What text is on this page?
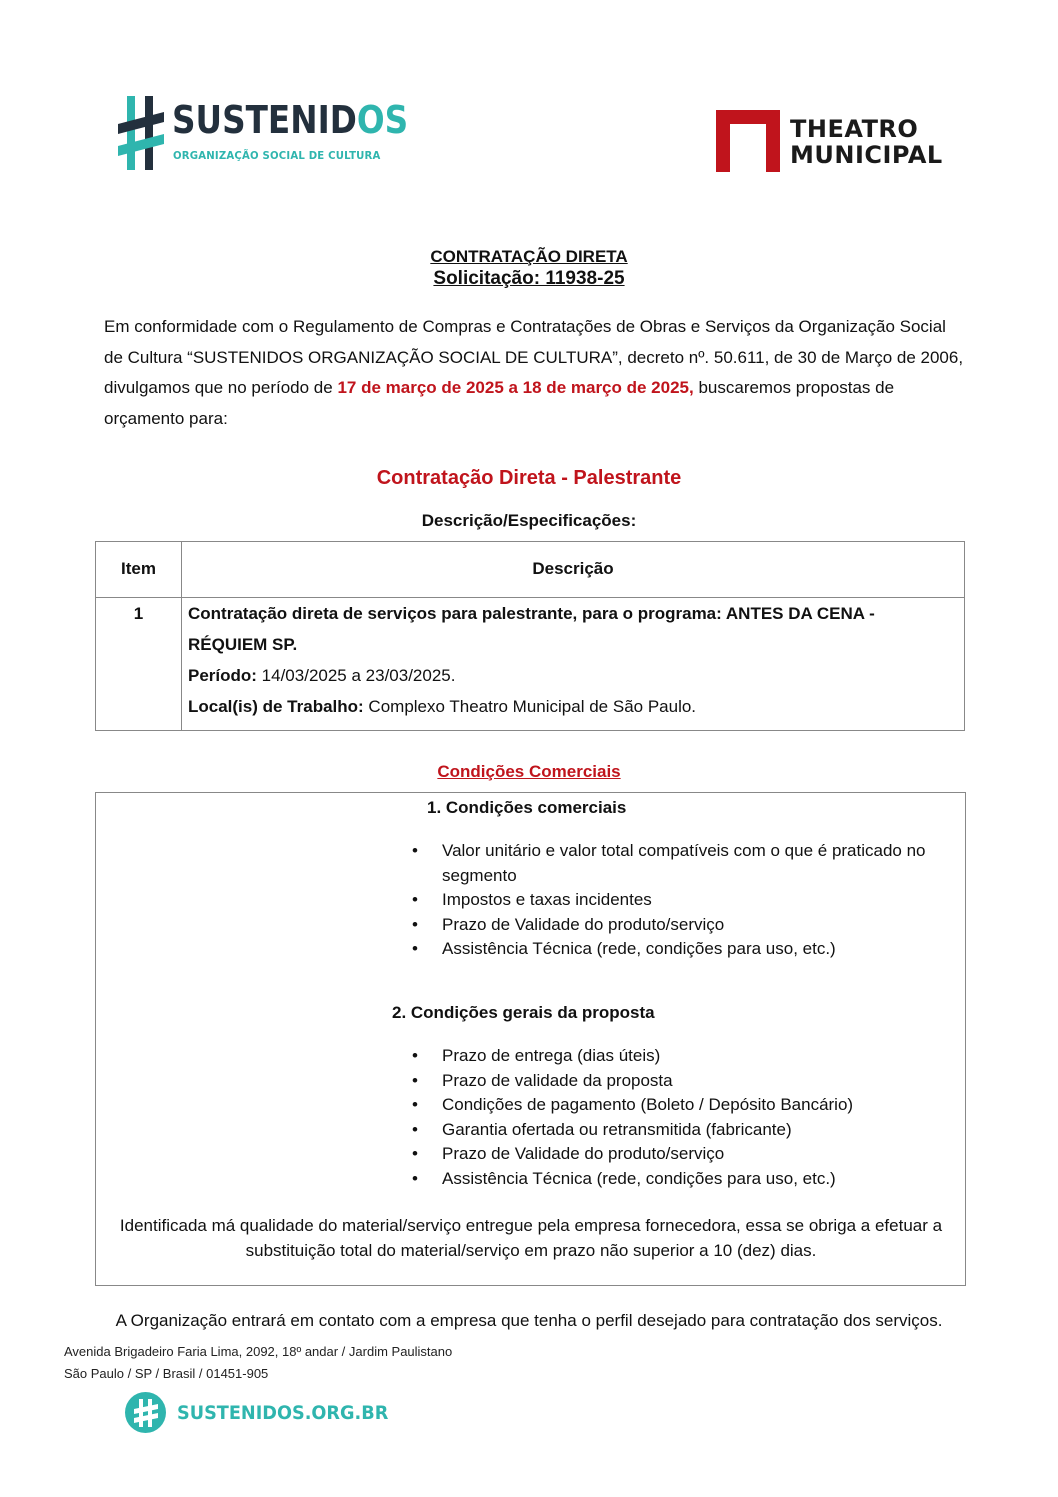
SUSTENIDOS
ORGANIZAÇÃO SOCIAL DE CULTURA
THEATRO
MUNICIPAL
CONTRATAÇÃO DIRETA
Solicitação: 11938-25

Em conformidade com o Regulamento de Compras e Contratações de Obras e Serviços da Organização Social de Cultura “SUSTENIDOS ORGANIZAÇÃO SOCIAL DE CULTURA”, decreto nº. 50.611, de 30 de Março de 2006, divulgamos que no período de 17 de março de 2025 a 18 de março de 2025, buscaremos propostas de orçamento para:

Contratação Direta - Palestrante
Descrição/Especificações:
Item	Descrição
1	Contratação direta de serviços para palestrante, para o programa: ANTES DA CENA - RÉQUIEM SP.
Período: 14/03/2025 a 23/03/2025.
Local(is) de Trabalho: Complexo Theatro Municipal de São Paulo.
Condições Comerciais
1. Condições comerciais
• Valor unitário e valor total compatíveis com o que é praticado no segmento
• Impostos e taxas incidentes
• Prazo de Validade do produto/serviço
• Assistência Técnica (rede, condições para uso, etc.)
2. Condições gerais da proposta
• Prazo de entrega (dias úteis)
• Prazo de validade da proposta
• Condições de pagamento (Boleto / Depósito Bancário)
• Garantia ofertada ou retransmitida (fabricante)
• Prazo de Validade do produto/serviço
• Assistência Técnica (rede, condições para uso, etc.)
Identificada má qualidade do material/serviço entregue pela empresa fornecedora, essa se obriga a efetuar a substituição total do material/serviço em prazo não superior a 10 (dez) dias.
A Organização entrará em contato com a empresa que tenha o perfil desejado para contratação dos serviços.
Avenida Brigadeiro Faria Lima, 2092, 18º andar / Jardim Paulistano
São Paulo / SP / Brasil / 01451-905
SUSTENIDOS.ORG.BR
